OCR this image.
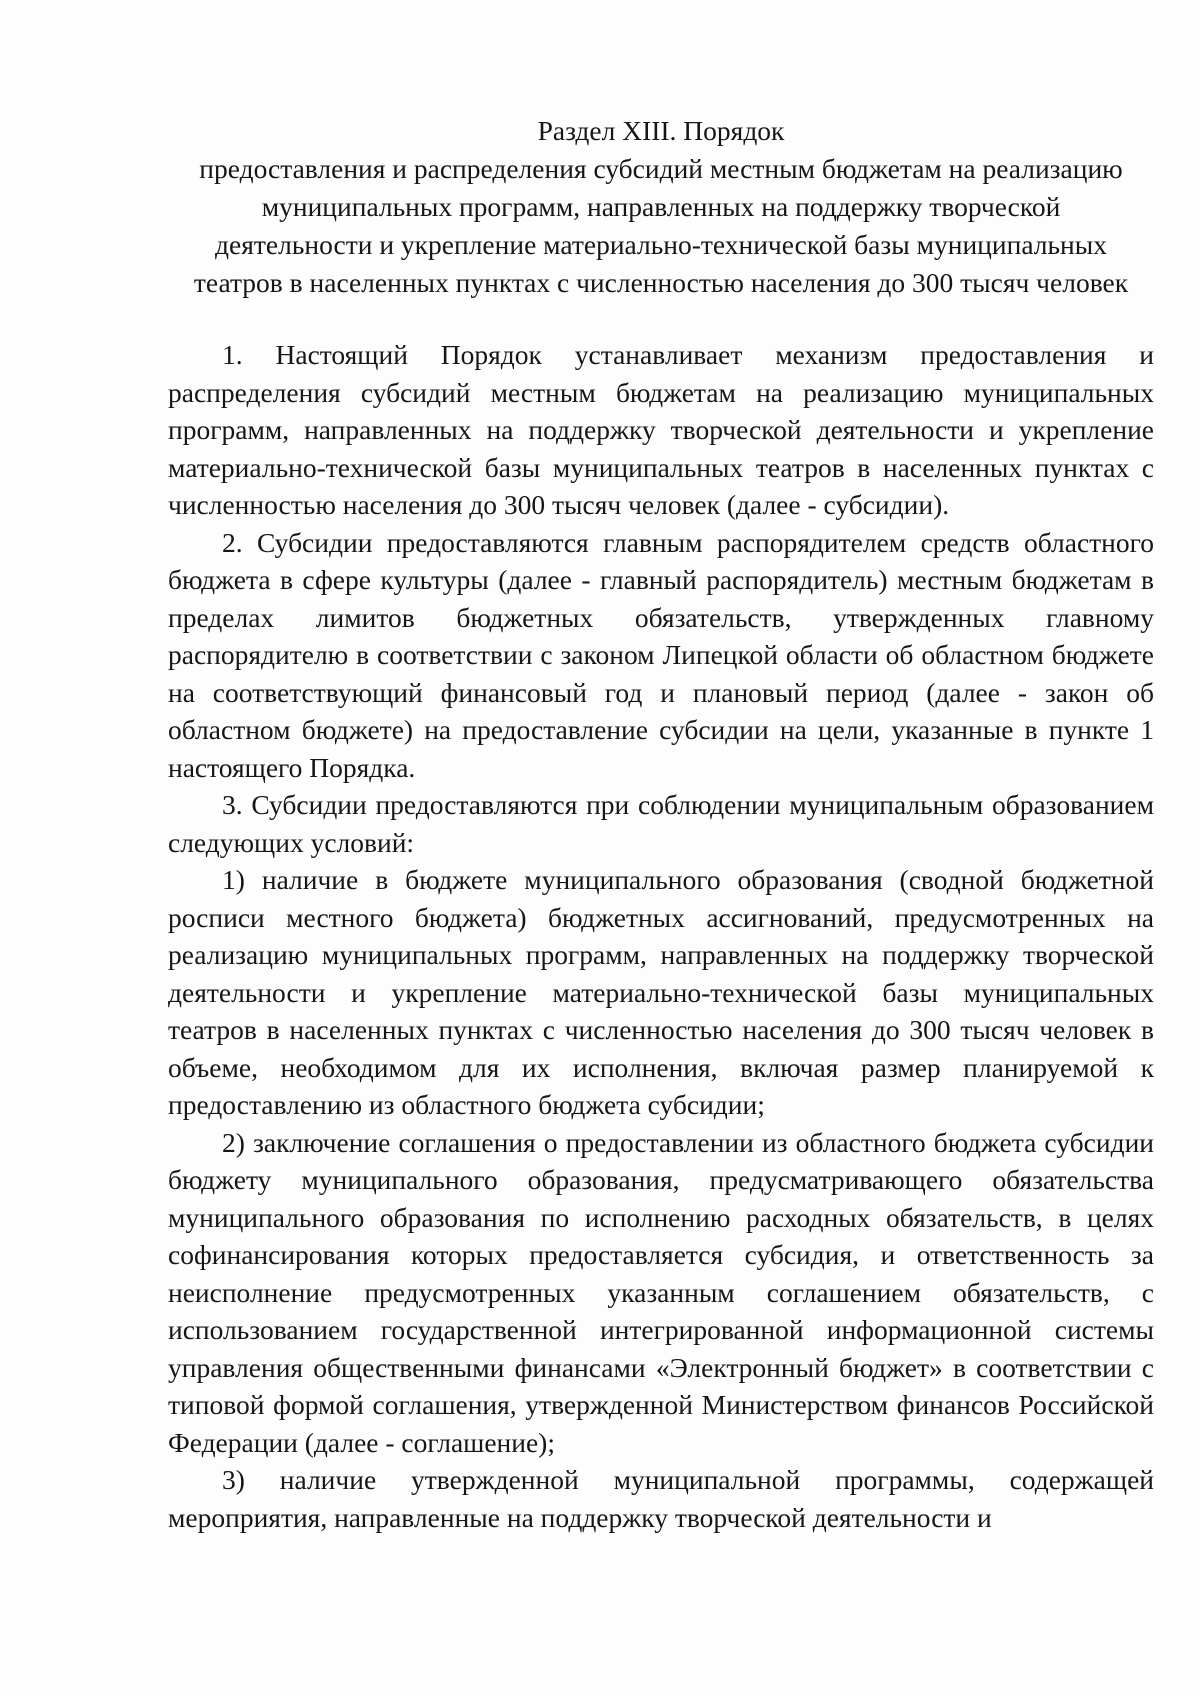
Раздел XIII. Порядок
предоставления и распределения субсидий местным бюджетам на реализацию
муниципальных программ, направленных на поддержку творческой
деятельности и укрепление материально-технической базы муниципальных
театров в населенных пунктах с численностью населения до 300 тысяч человек

1. Настоящий Порядок устанавливает механизм предоставления и распределения субсидий местным бюджетам на реализацию муниципальных программ, направленных на поддержку творческой деятельности и укрепление материально-технической базы муниципальных театров в населенных пунктах с численностью населения до 300 тысяч человек (далее - субсидии).

2. Субсидии предоставляются главным распорядителем средств областного бюджета в сфере культуры (далее - главный распорядитель) местным бюджетам в пределах лимитов бюджетных обязательств, утвержденных главному распорядителю в соответствии с законом Липецкой области об областном бюджете на соответствующий финансовый год и плановый период (далее - закон об областном бюджете) на предоставление субсидии на цели, указанные в пункте 1 настоящего Порядка.

3. Субсидии предоставляются при соблюдении муниципальным образованием следующих условий:

1) наличие в бюджете муниципального образования (сводной бюджетной росписи местного бюджета) бюджетных ассигнований, предусмотренных на реализацию муниципальных программ, направленных на поддержку творческой деятельности и укрепление материально-технической базы муниципальных театров в населенных пунктах с численностью населения до 300 тысяч человек в объеме, необходимом для их исполнения, включая размер планируемой к предоставлению из областного бюджета субсидии;

2) заключение соглашения о предоставлении из областного бюджета субсидии бюджету муниципального образования, предусматривающего обязательства муниципального образования по исполнению расходных обязательств, в целях софинансирования которых предоставляется субсидия, и ответственность за неисполнение предусмотренных указанным соглашением обязательств, с использованием государственной интегрированной информационной системы управления общественными финансами «Электронный бюджет» в соответствии с типовой формой соглашения, утвержденной Министерством финансов Российской Федерации (далее - соглашение);

3) наличие утвержденной муниципальной программы, содержащей мероприятия, направленные на поддержку творческой деятельности и
